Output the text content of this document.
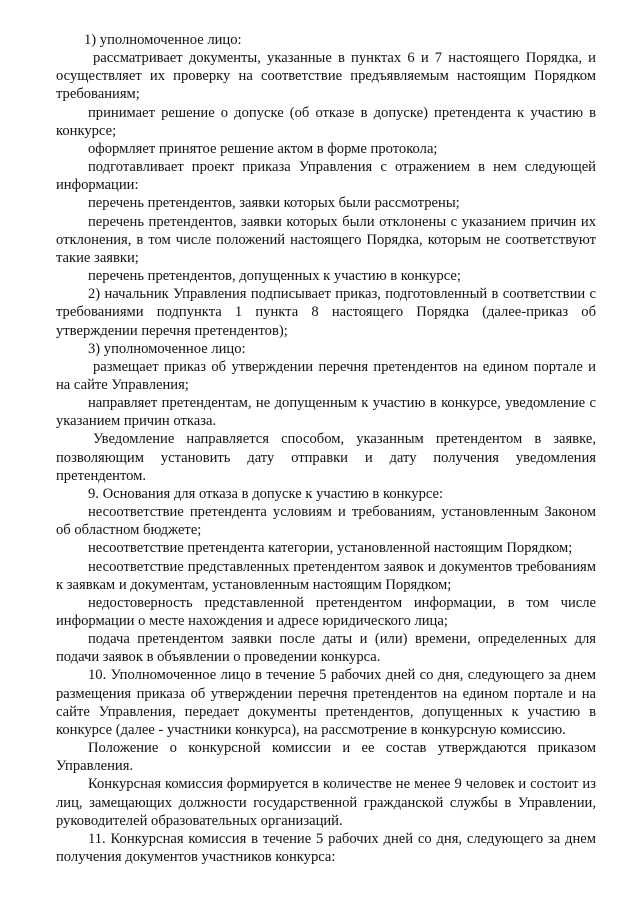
1) уполномоченное лицо:

рассматривает документы, указанные в пунктах 6 и 7 настоящего Порядка, и осуществляет их проверку на соответствие предъявляемым настоящим Порядком требованиям;

принимает решение о допуске (об отказе в допуске) претендента к участию в конкурсе;

оформляет принятое решение актом в форме протокола;

подготавливает проект приказа Управления с отражением в нем следующей информации:

перечень претендентов, заявки которых были рассмотрены;

перечень претендентов, заявки которых были отклонены с указанием причин их отклонения, в том числе положений настоящего Порядка, которым не соответствуют такие заявки;

перечень претендентов, допущенных к участию в конкурсе;

2) начальник Управления подписывает приказ, подготовленный в соответствии с требованиями подпункта 1 пункта 8 настоящего Порядка (далее-приказ об утверждении перечня претендентов);

3) уполномоченное лицо:

размещает приказ об утверждении перечня претендентов на едином портале и на сайте Управления;

направляет претендентам, не допущенным к участию в конкурсе, уведомление с указанием причин отказа.

Уведомление направляется способом, указанным претендентом в заявке, позволяющим установить дату отправки и дату получения уведомления претендентом.

9. Основания для отказа в допуске к участию в конкурсе:

несоответствие претендента условиям и требованиям, установленным Законом об областном бюджете;

несоответствие претендента категории, установленной настоящим Порядком;

несоответствие представленных претендентом заявок и документов требованиям к заявкам и документам, установленным настоящим Порядком;

недостоверность представленной претендентом информации, в том числе информации о месте нахождения и адресе юридического лица;

подача претендентом заявки после даты и (или) времени, определенных для подачи заявок в объявлении о проведении конкурса.

10. Уполномоченное лицо в течение 5 рабочих дней со дня, следующего за днем размещения приказа об утверждении перечня претендентов на едином портале и на сайте Управления, передает документы претендентов, допущенных к участию в конкурсе (далее - участники конкурса), на рассмотрение в конкурсную комиссию.

Положение о конкурсной комиссии и ее состав утверждаются приказом Управления.

Конкурсная комиссия формируется в количестве не менее 9 человек и состоит из лиц, замещающих должности государственной гражданской службы в Управлении, руководителей образовательных организаций.

11. Конкурсная комиссия в течение 5 рабочих дней со дня, следующего за днем получения документов участников конкурса:
